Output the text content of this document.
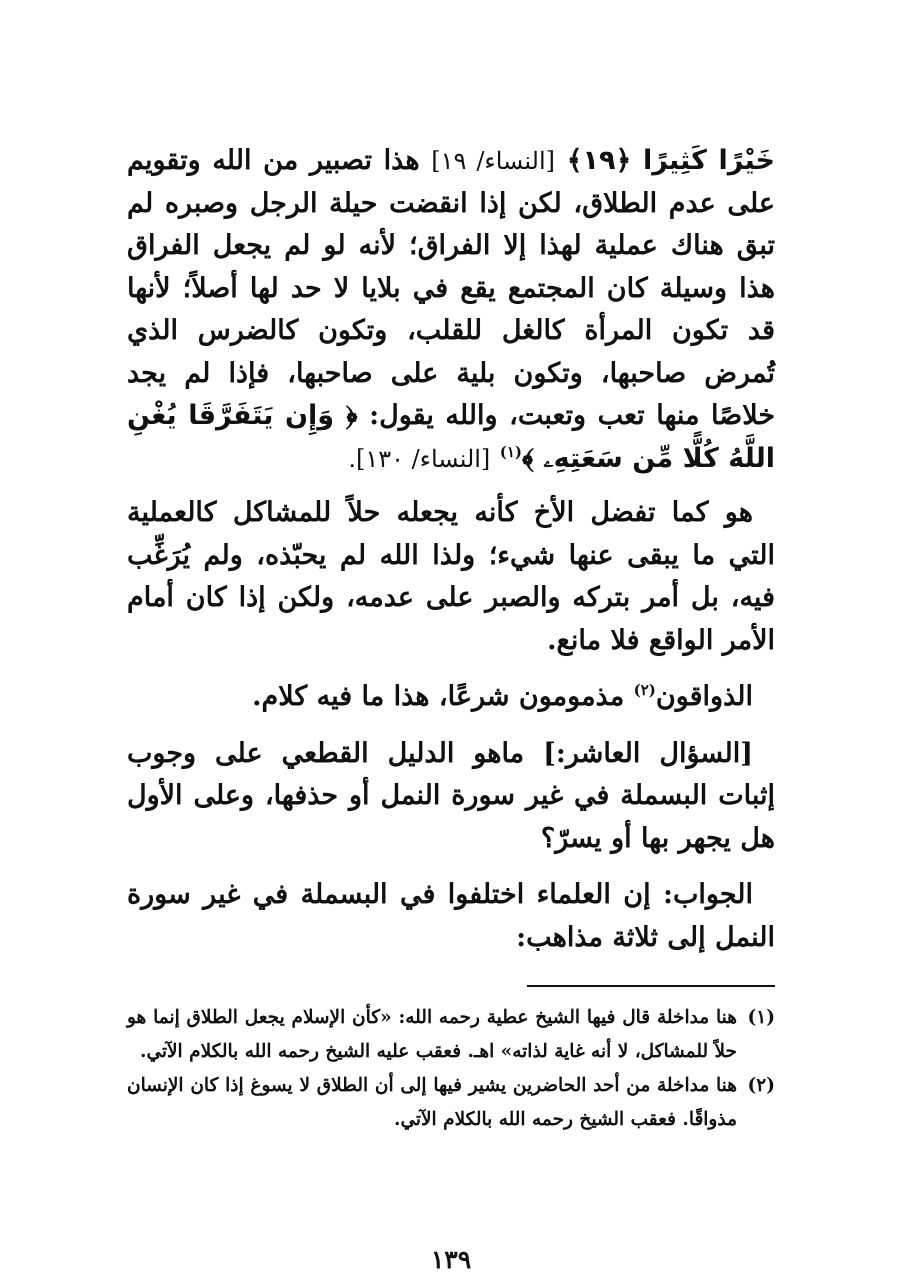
خَيْرًا كَثِيرًا ﴿١٩﴾ [النساء/ ١٩] هذا تصبير من الله وتقويم على عدم الطلاق، لكن إذا انقضت حيلة الرجل وصبره لم تبق هناك عملية لهذا إلا الفراق؛ لأنه لو لم يجعل الفراق هذا وسيلة كان المجتمع يقع في بلايا لا حد لها أصلاً؛ لأنها قد تكون المرأة كالغل للقلب، وتكون كالضرس الذي تُمرض صاحبها، وتكون بلية على صاحبها، فإذا لم يجد خلاصًا منها تعب وتعبت، والله يقول: ﴿ وَإِن يَتَفَرَّقَا يُغْنِ اللَّهُ كُلًّا مِّن سَعَتِهِۦ ﴾$^{(١)}$ [النساء/ ١٣٠].

هو كما تفضل الأخ كأنه يجعله حلاً للمشاكل كالعملية التي ما يبقى عنها شيء؛ ولذا الله لم يحبّذه، ولم يُرَغِّب فيه، بل أمر بتركه والصبر على عدمه، ولكن إذا كان أمام الأمر الواقع فلا مانع.

الذواقون$^{(٢)}$ مذمومون شرعًا، هذا ما فيه كلام.

[السؤال العاشر:] ماهو الدليل القطعي على وجوب إثبات البسملة في غير سورة النمل أو حذفها، وعلى الأول هل يجهر بها أو يسرّ؟

الجواب: إن العلماء اختلفوا في البسملة في غير سورة النمل إلى ثلاثة مذاهب:

(١)
هنا مداخلة قال فيها الشيخ عطية رحمه الله: «كأن الإسلام يجعل الطلاق إنما هو حلاً للمشاكل، لا أنه غاية لذاته» اهـ. فعقب عليه الشيخ رحمه الله بالكلام الآتي.
(٢)
هنا مداخلة من أحد الحاضرين يشير فيها إلى أن الطلاق لا يسوغ إذا كان الإنسان مذواقًا. فعقب الشيخ رحمه الله بالكلام الآتي.
١٣٩
